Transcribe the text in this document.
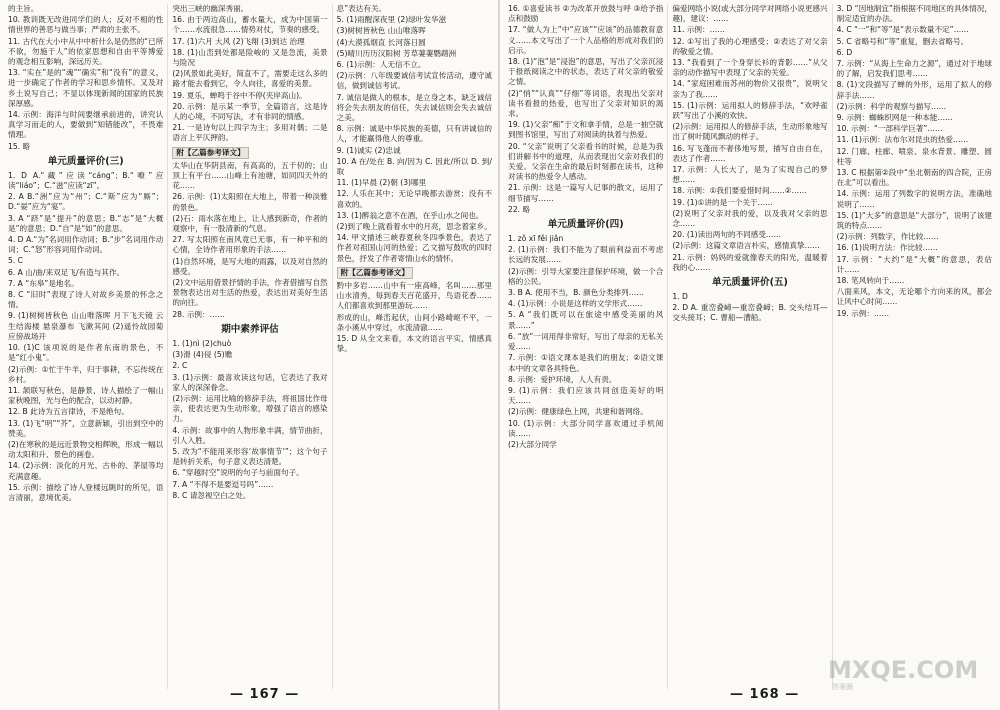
的主旨。
10. 教训既无改进同学们的人；反对不相的性情世界的善恶与做当事；严肃的主张不。
11. 古代在大小中从中中析什么是仍然的“已所不欲，勿施于人”的依家思想和自由平等博爱的观念相互影响，深远历关。
13. “实在”是的“魂”“确实”和“没有”的意义，进一步确定了作者的学习和思乡情怀。又及对乡土说写自己；不显以体现新闻的国家的民族深厚感。
14. 示例：海洋与时间要继承前进的，讲究认真学习而走的人，要做到“知错能改”，不畏难情理。
15. 略
单元质量评价(三)
1. D A.“藏”应读“cáng”；B.“嘹”应读“liáo”；C.“滋”应读“zī”。
2. A B.“洲”应为“州”；C.“斯”应为“厮”；D.“晏”应为“宴”。
3. A “跻”是“提升”的意思；B.“志”是“大概是”的意思；D.“自”是“如”的意思。
4. D A.“为”名词用作动词；B.“步”名词用作动词；C.“怒”形容词用作动词。
5. C
6. A 山/曲/来双足飞/有造与其作。
7. A “东皋”是地名。
8. C “旧时”表现了诗人对故乡美景的怀念之情。
9. (1)树树皆秋色 山山唯落晖 月下飞天镜 云生结海楼 悬泉瀑布 飞漱其间 (2)遥怜故园菊 应傍战场开
10. (1)C 该项说的是作者东南的景色，不是“红小鬼”。
(2)示例：①忙于牛羊，归于事耕，不忘传统在乡村。
11. 颔联写秋色，是静景，诗人描绘了一幅山家秋晚图，光与色的配合，以动衬静。
12. B 此诗为五言律诗，不是绝句。
13. (1)飞“明”“芥”，立意新颖，引出到空中的赞美。
(2)在寒秋的是远近景物交相辉映，形成一幅以动太阳和升、景色的画卷。
14. (2)示例：淡化的月光、古朴的、茅屋等均充满意趣。
15. 示例：描绘了诗人登楼远眺时的所见，语言清丽，意境优美。
突出三峡的幽深秀丽。
16. 由于两边高山，蓄水量大，成为中国第一个……水流很急……情势对仗，节奏的感受。
17. (1)六月 大风 (2)飞翔 (3)到达 治理
18. (1)山峦到处都是险峻的 又是急流，美景与险况
(2)风景如此美好，简直不了，需要走这么多的路才能去看到它，令人向往，喜爱的美景。
19. 夏乐，蝉鸣于谷中不停(夹岸高山)。
20. 示例：是示某一季节，全篇语言，这是诗人的心境，不同写法，才有非同的情感。
21. 一是诗句以上四字为主；多用对偶；二是语言上平仄押韵。
附【乙篇参考译文】
太华山在华阴县南，有高高的，五千仞的；山顶上有平台……山峰上有池塘，如同四天外的花……
26. 示例：(1)太阳照在大地上，带着一种淡雅的景色。
(2)石：雨水落在地上，让人感到新奇，作者的观察中，有一股清新的气息。
27. 写太阳照在南风竟已无事，有一种平和的心情，全诗作者用形象的手法……
(1)自然环境，是写大地的雨露，以及对自然的感受。
(2)文中运用借景抒情的手法，作者借描写自然景物表达出对生活的热爱，表达出对美好生活的向往。
28. 示例：……
期中素养评估
1. (1)nì (2)chuò
(3)滑 (4)侵 (5)赡
2. C
3. (1)示例：最喜欢读这句话，它表达了我对家人的深深眷念。
(2)示例：运用比喻的修辞手法，将祖国比作母亲，使表达更为生动形象，增强了语言的感染力。
4. 示例：故事中的人物形象丰满，情节曲折，引人入胜。
5. 改为“不能用来形容‘故事情节’”；这个句子是转折关系，句子意义表达清楚。
6. “穿越时空”说明的句子与前面句子。
7. A “不得不是要逗号吗”……
8. C 请忽视空白之处。
息”表达有关。
5. (1)雨醒深夜里 (2)绿叶发华滋
(3)树树皆秋色 山山唯落晖
(4)大漠孤烟直 长河落日圆
(5)晴川历历汉阳树 芳草萋萋鹦鹉洲
6. (1)示例：人无信不立。
(2)示例：八年级要诚信考试宣传活动，遵守诚信，做到诚信考试。
7. 诚信是做人的根本，是立身之本，缺乏诚信将会失去朋友的信任，失去诚信则会失去诚信之美。
8. 示例：诚是中华民族的美德，只有讲诚信的人，才能赢得他人的尊重。
9. (1)诚实 (2)忠诚
10. A 在/处在 B. 向/因为 C. 因此/所以 D. 到/取
11. (1)早晨 (2)朝 (3)哪里
12. 人乐在其中；无论早晚都去游赏；没有不喜欢的。
13. (1)醉翁之意不在酒，在乎山水之间也。
(2)到了晚上就看着水中的月亮，思念着家乡。
14. 甲文描述三峡春夏秋冬四季景色，表达了作者对祖国山河的热爱；乙文描写鼓吹的四时景色，抒发了作者寄情山水的情怀。
附【乙篇参考译文】
黔中多岩……山中有一座高峰，名叫……那里山水清秀，每到春天百花盛开，鸟语花香……人们都喜欢到那里游玩……
形成的山，峰峦起伏，山间小路崎岖不平，一条小溪从中穿过，水流清澈……
15. D 从全文来看，本文的语言平实，情感真挚。
16. ①喜爱读书 ②为改革开放鼓与呼 ③给予指点和鼓励
17. “做人为上”中“应该”“应该”的品德教育意义……本文写出了一个人品格的形成对我们的启示。
18. (1)“泡”是“浸泡”的意思，写出了父亲沉浸于报纸阅读之中的状态，表达了对父亲的敬爱之情。
(2)“悄”“认真”“仔细”等词语，表现出父亲对读书看报的热爱，也写出了父亲对知识的渴求。
19. (1)父亲“痴”于文和拿手情，总是一抽空就到图书馆里，写出了对阅读的执着与热爱。
20. “父亲”说明了父亲看书的时候，总是为我们讲解书中的道理，从而表现出父亲对我们的关爱。父亲在生命的最后时刻都在读书，这种对读书的热爱令人感动。
21. 示例：这是一篇写人记事的散文，运用了细节描写……
22. 略
单元质量评价(四)
1. zǒ xī fěi jiǎn
2. (1)示例：我们不能为了眼前利益而不考虑长远的发展……
(2)示例：引导大家要注意保护环境，做一个合格的公民。
3. B A. 使用不当，B. 颜色分类排列……
4. (1)示例：小说是这样的文学形式……
5. A “我们既可以在旅途中感受美丽的风景……”
6. “放”一词用得非常好，写出了母亲的无私关爱……
7. 示例：①语文课本是我们的朋友；②语文课本中的文章各具特色。
8. 示例：爱护环境，人人有责。
9. (1)示例：我们应该共同创造美好的明天……
(2)示例：健康绿色上网，共建和谐网络。
10. (1)示例：大部分同学喜欢通过手机阅读……
(2)大部分同学
偏爱网络小说(或大部分同学对网络小说更感兴趣)，建议：……
11. 示例：……
12. ①写出了我的心理感受；②表达了对父亲的敬爱之情。
13. “我看到了一个身穿长衫的背影……”从父亲的动作描写中表现了父亲的关爱。
14. “家庭困难而苏州的物价又很贵”，说明父亲为了我……
15. (1)示例：运用拟人的修辞手法，“欢呼雀跃”写出了小溪的欢快。
(2)示例：运用拟人的修辞手法，生动形象地写出了树叶随风飘动的样子。
16. 写飞蓬而不奢侈地写景，描写自由自在，表达了作者……
17. 示例：人长大了，是为了实现自己的梦想……
18. 示例：①我们要爱惜时间……②……
19. (1)①讲的是一个关于……
(2)说明了父亲对我的爱，以及我对父亲的思念……
20. (1)读出两句的不同感受……
(2)示例：这篇文章语言朴实，感情真挚……
21. 示例：妈妈的爱就像春天的阳光，温暖着我的心……
单元质量评价(五)
1. D
2. D A. 重峦叠嶂—重峦叠嶂；B. 交头结耳—交头接耳；C. 曹船—漕船。
3. D “因地制宜”指根据不同地区的具体情况，制定适宜的办法。
4. C “一”和“等”是“表示数量不定”……
5. C 省略号和“等”重复，删去省略号。
6. D
7. 示例：“从海上生命力之源”，通过对于地球的了解，启发我们思考……
8. (1)文段描写了蝉的外形，运用了拟人的修辞手法……
(2)示例：科学的观察与描写……
9. 示例：蜘蛛织网是一种本能……
10. 示例：“一部科学巨著”……
11. (1)示例：法布尔对昆虫的热爱……
12. 门廊、柱廊、喷泉、泉水背景、雕塑、圆柱等
13. C 根据第②段中“坐北朝南的四合院，正房在北”可以看出。
14. 示例：运用了列数字的说明方法，准确地说明了……
15. (1)“大多”的意思是“大部分”，说明了该建筑的特点……
(2)示例：列数字，作比较……
16. (1)说明方法：作比较……
17. 示例：“大约”是“大概”的意思，表估计……
18. 笔风转向于……
八面来风，本文，无论哪个方向来的风，都会让风中心时间……
19. 示例：……
— 167 —	— 168 —
MXQE.COM
答案圈
